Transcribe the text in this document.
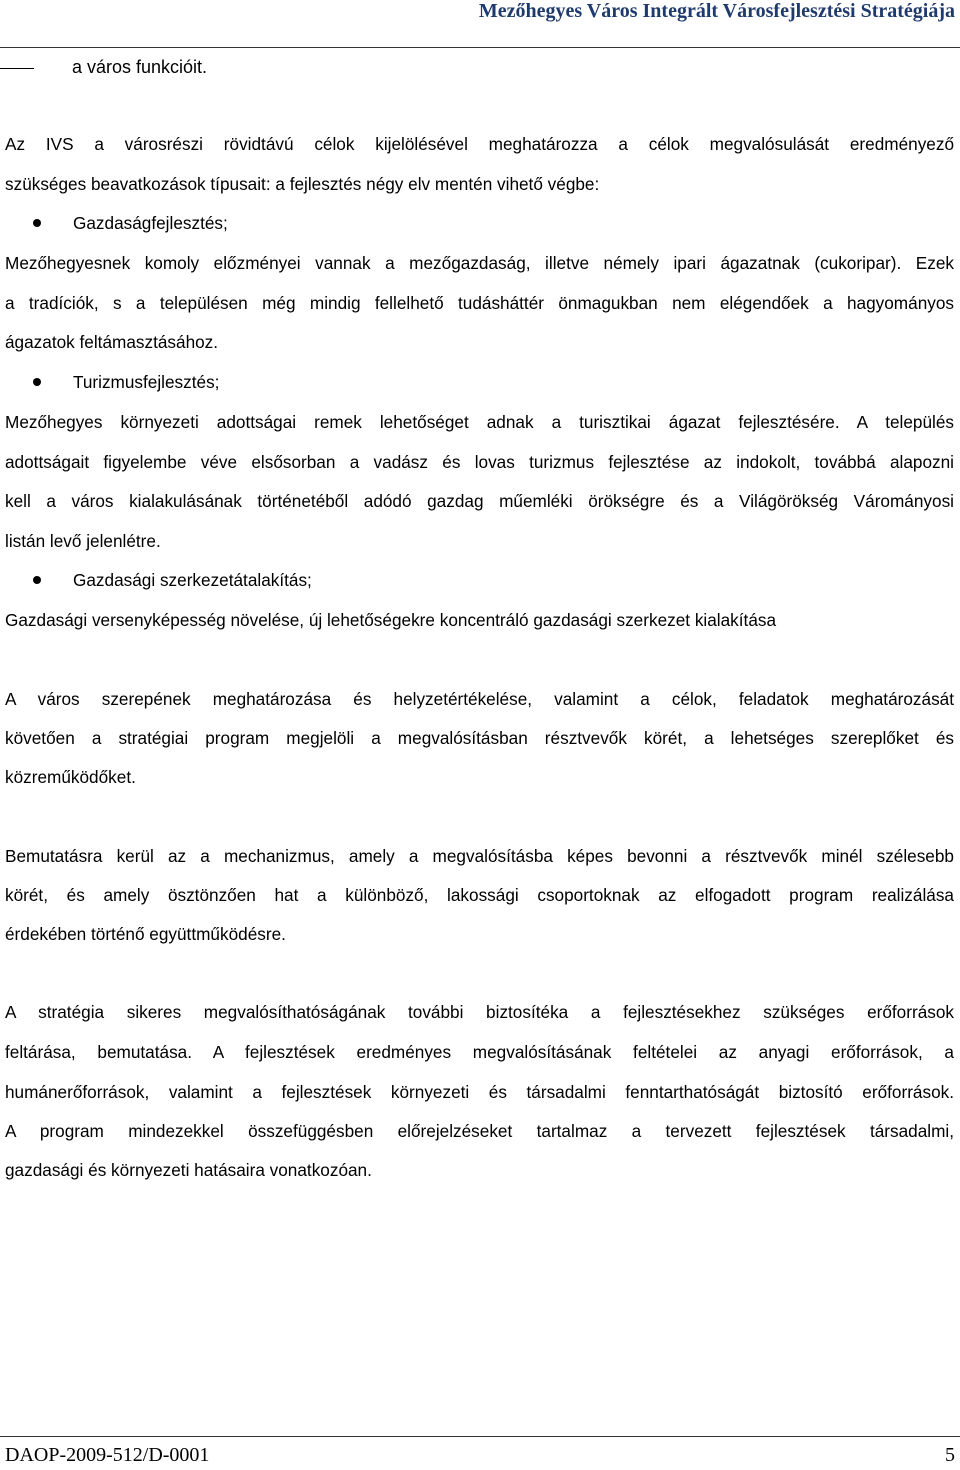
Mezőhegyes Város Integrált Városfejlesztési Stratégiája
a város funkcióit.
Az IVS a városrészi rövidtávú célok kijelölésével meghatározza a célok megvalósulását eredményező
szükséges beavatkozások típusait: a fejlesztés négy elv mentén vihető végbe:
Gazdaságfejlesztés;
Mezőhegyesnek komoly előzményei vannak a mezőgazdaság, illetve némely ipari ágazatnak (cukoripar). Ezek
a tradíciók, s a településen még mindig fellelhető tudásháttér önmagukban nem elégendőek a hagyományos
ágazatok feltámasztásához.
Turizmusfejlesztés;
Mezőhegyes környezeti adottságai remek lehetőséget adnak a turisztikai ágazat fejlesztésére. A település
adottságait figyelembe véve elsősorban a vadász és lovas turizmus fejlesztése az indokolt, továbbá alapozni
kell a város kialakulásának történetéből adódó gazdag műemléki örökségre és a Világörökség Várományosi
listán levő jelenlétre.
Gazdasági szerkezetátalakítás;
Gazdasági versenyképesség növelése, új lehetőségekre koncentráló gazdasági szerkezet kialakítása
A város szerepének meghatározása és helyzetértékelése, valamint a célok, feladatok meghatározását
követően a stratégiai program megjelöli a megvalósításban résztvevők körét, a lehetséges szereplőket és
közreműködőket.
Bemutatásra kerül az a mechanizmus, amely a megvalósításba képes bevonni a résztvevők minél szélesebb
körét, és amely ösztönzően hat a különböző, lakossági csoportoknak az elfogadott program realizálása
érdekében történő együttműködésre.
A stratégia sikeres megvalósíthatóságának további biztosítéka a fejlesztésekhez szükséges erőforrások
feltárása, bemutatása. A fejlesztések eredményes megvalósításának feltételei az anyagi erőforrások, a
humánerőforrások, valamint a fejlesztések környezeti és társadalmi fenntarthatóságát biztosító erőforrások.
A program mindezekkel összefüggésben előrejelzéseket tartalmaz a tervezett fejlesztések társadalmi,
gazdasági és környezeti hatásaira vonatkozóan.
DAOP-2009-512/D-0001	5
